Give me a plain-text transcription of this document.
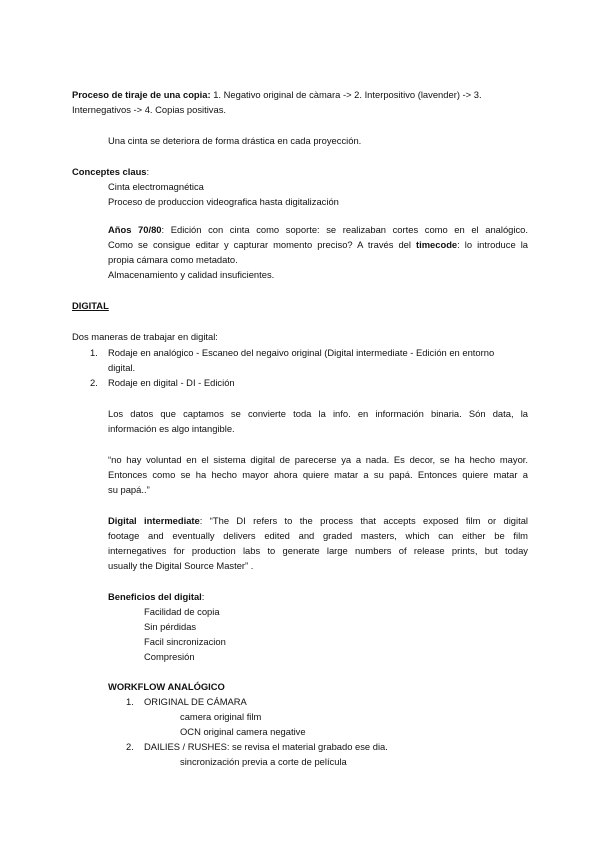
Proceso de tiraje de una copia: 1. Negativo original de càmara -> 2. Interpositivo (lavender) -> 3.
Internegativos -> 4. Copias positivas.
Una cinta se deteriora de forma drástica en cada proyección.
Conceptes claus:
Cinta electromagnética
Proceso de produccion videografica hasta digitalización
Años 70/80: Edición con cinta como soporte: se realizaban cortes como en el analógico.
Como se consigue editar y capturar momento preciso? A través del timecode: lo introduce la
propia cámara como metadato.
Almacenamiento y calidad insuficientes.
DIGITAL
Dos maneras de trabajar en digital:
1. Rodaje en analógico - Escaneo del negaivo original (Digital intermediate - Edición en entorno
digital.
2. Rodaje en digital - DI - Edición
Los datos que captamos se convierte toda la info. en información binaria. Són data, la
información es algo intangible.
“no hay voluntad en el sistema digital de parecerse ya a nada. Es decor, se ha hecho mayor.
Entonces como se ha hecho mayor ahora quiere matar a su papá. Entonces quiere matar a
su papá..”
Digital intermediate: “The DI refers to the process that accepts exposed film or digital
footage and eventually delivers edited and graded masters, which can either be film
internegatives for production labs to generate large numbers of release prints, but today
usually the Digital Source Master” .
Beneficios del digital:
Facilidad de copia
Sin pérdidas
Facil sincronizacion
Compresión
WORKFLOW ANALÓGICO
1. ORIGINAL DE CÁMARA
camera original film
OCN original camera negative
2. DAILIES / RUSHES: se revisa el material grabado ese dia.
sincronización previa a corte de película
